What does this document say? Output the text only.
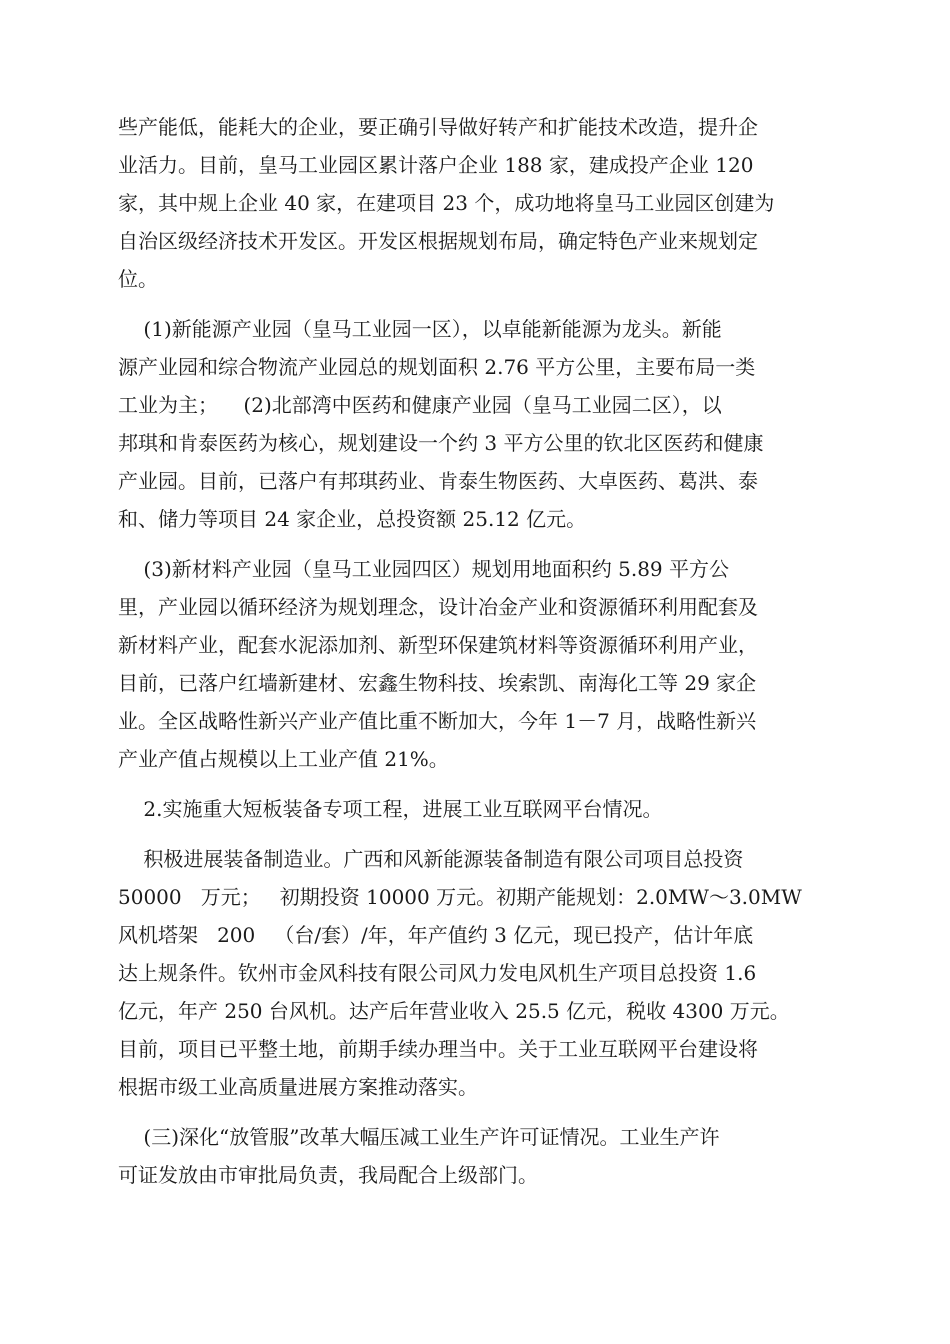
些产能低，能耗大的企业，要正确引导做好转产和扩能技术改造，提升企
业活力。目前，皇马工业园区累计落户企业 188 家，建成投产企业 120
家，其中规上企业 40 家，在建项目 23 个，成功地将皇马工业园区创建为
自治区级经济技术开发区。开发区根据规划布局，确定特色产业来规划定
位。
(1)新能源产业园（皇马工业园一区），以卓能新能源为龙头。新能
源产业园和综合物流产业园总的规划面积 2.76 平方公里，主要布局一类
工业为主；    (2)北部湾中医药和健康产业园（皇马工业园二区），以
邦琪和肯泰医药为核心，规划建设一个约 3 平方公里的钦北区医药和健康
产业园。目前，已落户有邦琪药业、肯泰生物医药、大卓医药、葛洪、泰
和、储力等项目 24 家企业，总投资额 25.12 亿元。
(3)新材料产业园（皇马工业园四区）规划用地面积约 5.89 平方公
里，产业园以循环经济为规划理念，设计冶金产业和资源循环利用配套及
新材料产业，配套水泥添加剂、新型环保建筑材料等资源循环利用产业，
目前，已落户红墙新建材、宏鑫生物科技、埃索凯、南海化工等 29 家企
业。全区战略性新兴产业产值比重不断加大，今年 1－7 月，战略性新兴
产业产值占规模以上工业产值 21%。
2.实施重大短板装备专项工程，进展工业互联网平台情况。
积极进展装备制造业。广西和风新能源装备制造有限公司项目总投资
50000   万元；   初期投资 10000 万元。初期产能规划：2.0MW～3.0MW
风机塔架   200   （台/套）/年，年产值约 3 亿元，现已投产，估计年底
达上规条件。钦州市金风科技有限公司风力发电风机生产项目总投资 1.6
亿元，年产 250 台风机。达产后年营业收入 25.5 亿元，税收 4300 万元。
目前，项目已平整土地，前期手续办理当中。关于工业互联网平台建设将
根据市级工业高质量进展方案推动落实。
(三)深化“放管服”改革大幅压减工业生产许可证情况。工业生产许
可证发放由市审批局负责，我局配合上级部门。
